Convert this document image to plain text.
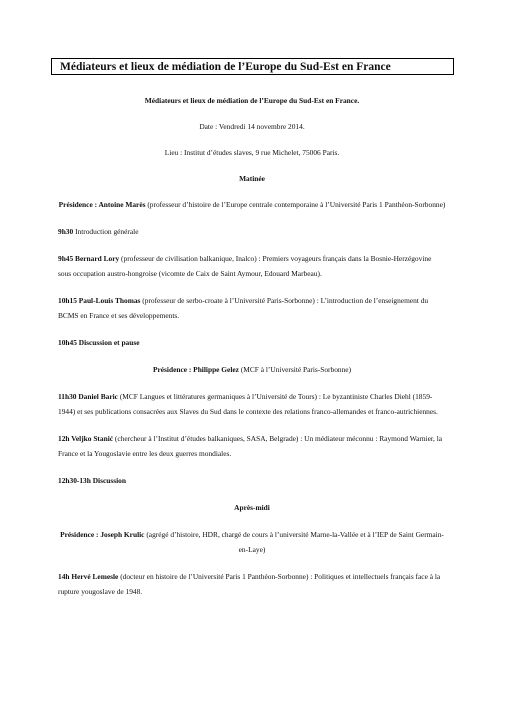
Médiateurs et lieux de médiation de l’Europe du Sud-Est en France

Médiateurs et lieux de médiation de l’Europe du Sud-Est en France.

Date : Vendredi 14 novembre 2014.

Lieu : Institut d’études slaves, 9 rue Michelet, 75006 Paris.

Matinée

Présidence : Antoine Marès (professeur d’histoire de l’Europe centrale contemporaine à l’Université Paris 1 Panthéon-Sorbonne)

9h30 Introduction générale

9h45 Bernard Lory (professeur de civilisation balkanique, Inalco) : Premiers voyageurs français dans la Bosnie-Herzégovine sous occupation austro-hongroise (vicomte de Caix de Saint Aymour, Edouard Marbeau).

10h15 Paul-Louis Thomas (professeur de serbo-croate à l’Université Paris-Sorbonne) : L’introduction de l’enseignement du BCMS en France et ses développements.

10h45 Discussion et pause

Présidence : Philippe Gelez (MCF à l’Université Paris-Sorbonne)

11h30 Daniel Baric (MCF Langues et littératures germaniques à l’Université de Tours) : Le byzantiniste Charles Diehl (1859-1944) et ses publications consacrées aux Slaves du Sud dans le contexte des relations franco-allemandes et franco-autrichiennes.

12h Veljko Stanić (chercheur à l’Institut d’études balkaniques, SASA, Belgrade) : Un médiateur méconnu : Raymond Warnier, la France et la Yougoslavie entre les deux guerres mondiales.

12h30-13h Discussion

Après-midi

Présidence : Joseph Krulic (agrégé d’histoire, HDR, chargé de cours à l’université Marne-la-Vallée et à l’IEP de Saint Germain-en-Laye)

14h Hervé Lemesle (docteur en histoire de l’Université Paris 1 Panthéon-Sorbonne) : Politiques et intellectuels français face à la rupture yougoslave de 1948.
